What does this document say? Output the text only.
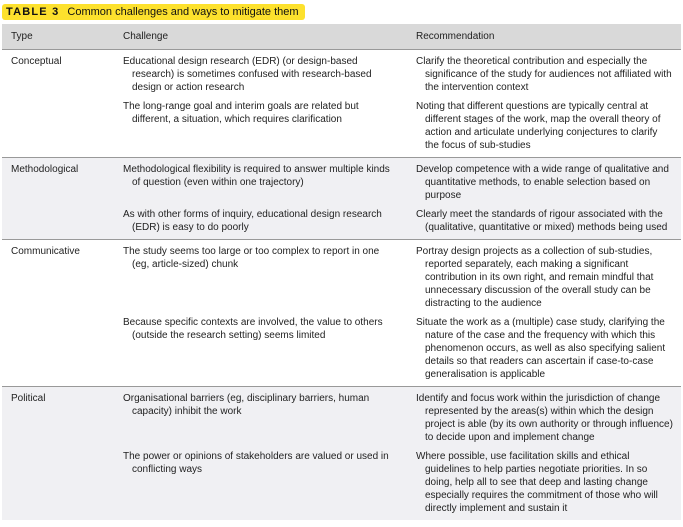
TABLE 3 Common challenges and ways to mitigate them
Type	Challenge	Recommendation
Conceptual	Educational design research (EDR) (or design-based research) is sometimes confused with research-based design or action research	Clarify the theoretical contribution and especially the significance of the study for audiences not affiliated with the intervention context

	The long-range goal and interim goals are related but different, a situation, which requires clarification	Noting that different questions are typically central at different stages of the work, map the overall theory of action and articulate underlying conjectures to clarify the focus of sub-studies

Methodological	Methodological flexibility is required to answer multiple kinds of question (even within one trajectory)	Develop competence with a wide range of qualitative and quantitative methods, to enable selection based on purpose

	As with other forms of inquiry, educational design research (EDR) is easy to do poorly	Clearly meet the standards of rigour associated with the (qualitative, quantitative or mixed) methods being used

Communicative	The study seems too large or too complex to report in one (eg, article-sized) chunk	Portray design projects as a collection of sub-studies, reported separately, each making a significant contribution in its own right, and remain mindful that unnecessary discussion of the overall study can be distracting to the audience

	Because specific contexts are involved, the value to others (outside the research setting) seems limited	Situate the work as a (multiple) case study, clarifying the nature of the case and the frequency with which this phenomenon occurs, as well as also specifying salient details so that readers can ascertain if case-to-case generalisation is applicable

Political	Organisational barriers (eg, disciplinary barriers, human capacity) inhibit the work	Identify and focus work within the jurisdiction of change represented by the areas(s) within which the design project is able (by its own authority or through influence) to decide upon and implement change

	The power or opinions of stakeholders are valued or used in conflicting ways	Where possible, use facilitation skills and ethical guidelines to help parties negotiate priorities. In so doing, help all to see that deep and lasting change especially requires the commitment of those who will directly implement and sustain it
